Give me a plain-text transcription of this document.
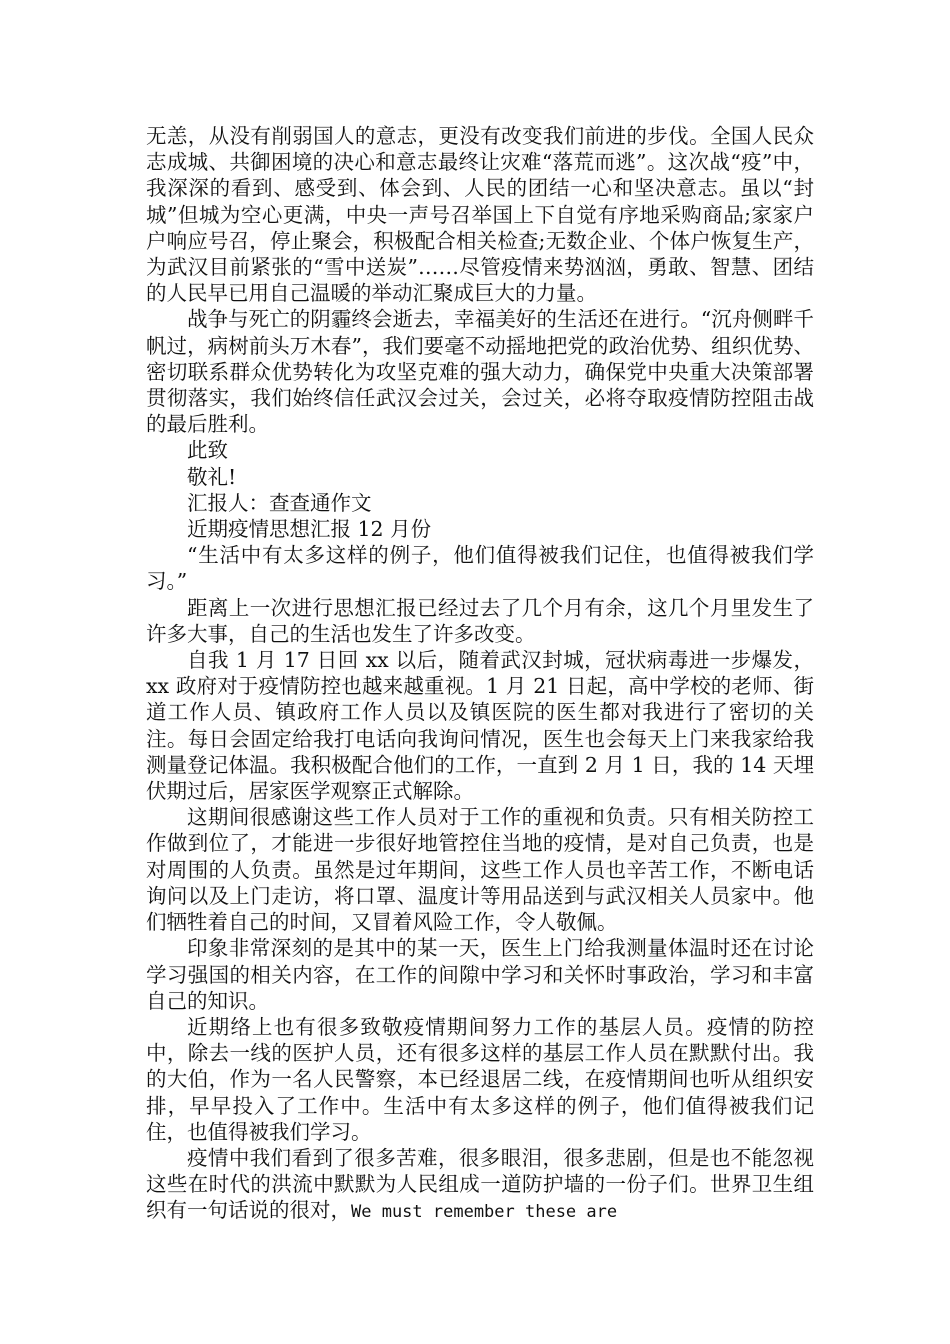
无恙，从没有削弱国人的意志，更没有改变我们前进的步伐。全国人民众志成城、共御困境的决心和意志最终让灾难“落荒而逃”。这次战“疫”中，我深深的看到、感受到、体会到、人民的团结一心和坚决意志。虽以“封城”但城为空心更满，中央一声号召举国上下自觉有序地采购商品;家家户户响应号召，停止聚会，积极配合相关检查;无数企业、个体户恢复生产，为武汉目前紧张的“雪中送炭”……尽管疫情来势汹汹，勇敢、智慧、团结的人民早已用自己温暖的举动汇聚成巨大的力量。

战争与死亡的阴霾终会逝去，幸福美好的生活还在进行。“沉舟侧畔千帆过，病树前头万木春”，我们要毫不动摇地把党的政治优势、组织优势、密切联系群众优势转化为攻坚克难的强大动力，确保党中央重大决策部署贯彻落实，我们始终信任武汉会过关，会过关，必将夺取疫情防控阻击战的最后胜利。

此致

敬礼!

汇报人：查查通作文

近期疫情思想汇报 12 月份

“生活中有太多这样的例子，他们值得被我们记住，也值得被我们学习。”

距离上一次进行思想汇报已经过去了几个月有余，这几个月里发生了许多大事，自己的生活也发生了许多改变。

自我 1 月 17 日回 xx 以后，随着武汉封城，冠状病毒进一步爆发，xx 政府对于疫情防控也越来越重视。1 月 21 日起，高中学校的老师、街道工作人员、镇政府工作人员以及镇医院的医生都对我进行了密切的关注。每日会固定给我打电话向我询问情况，医生也会每天上门来我家给我测量登记体温。我积极配合他们的工作，一直到 2 月 1 日，我的 14 天埋伏期过后，居家医学观察正式解除。

这期间很感谢这些工作人员对于工作的重视和负责。只有相关防控工作做到位了，才能进一步很好地管控住当地的疫情，是对自己负责，也是对周围的人负责。虽然是过年期间，这些工作人员也辛苦工作，不断电话询问以及上门走访，将口罩、温度计等用品送到与武汉相关人员家中。他们牺牲着自己的时间，又冒着风险工作，令人敬佩。

印象非常深刻的是其中的某一天，医生上门给我测量体温时还在讨论学习强国的相关内容，在工作的间隙中学习和关怀时事政治，学习和丰富自己的知识。

近期络上也有很多致敬疫情期间努力工作的基层人员。疫情的防控中，除去一线的医护人员，还有很多这样的基层工作人员在默默付出。我的大伯，作为一名人民警察，本已经退居二线，在疫情期间也听从组织安排，早早投入了工作中。生活中有太多这样的例子，他们值得被我们记住，也值得被我们学习。

疫情中我们看到了很多苦难，很多眼泪，很多悲剧，但是也不能忽视这些在时代的洪流中默默为人民组成一道防护墙的一份子们。世界卫生组织有一句话说的很对，We must remember these are
